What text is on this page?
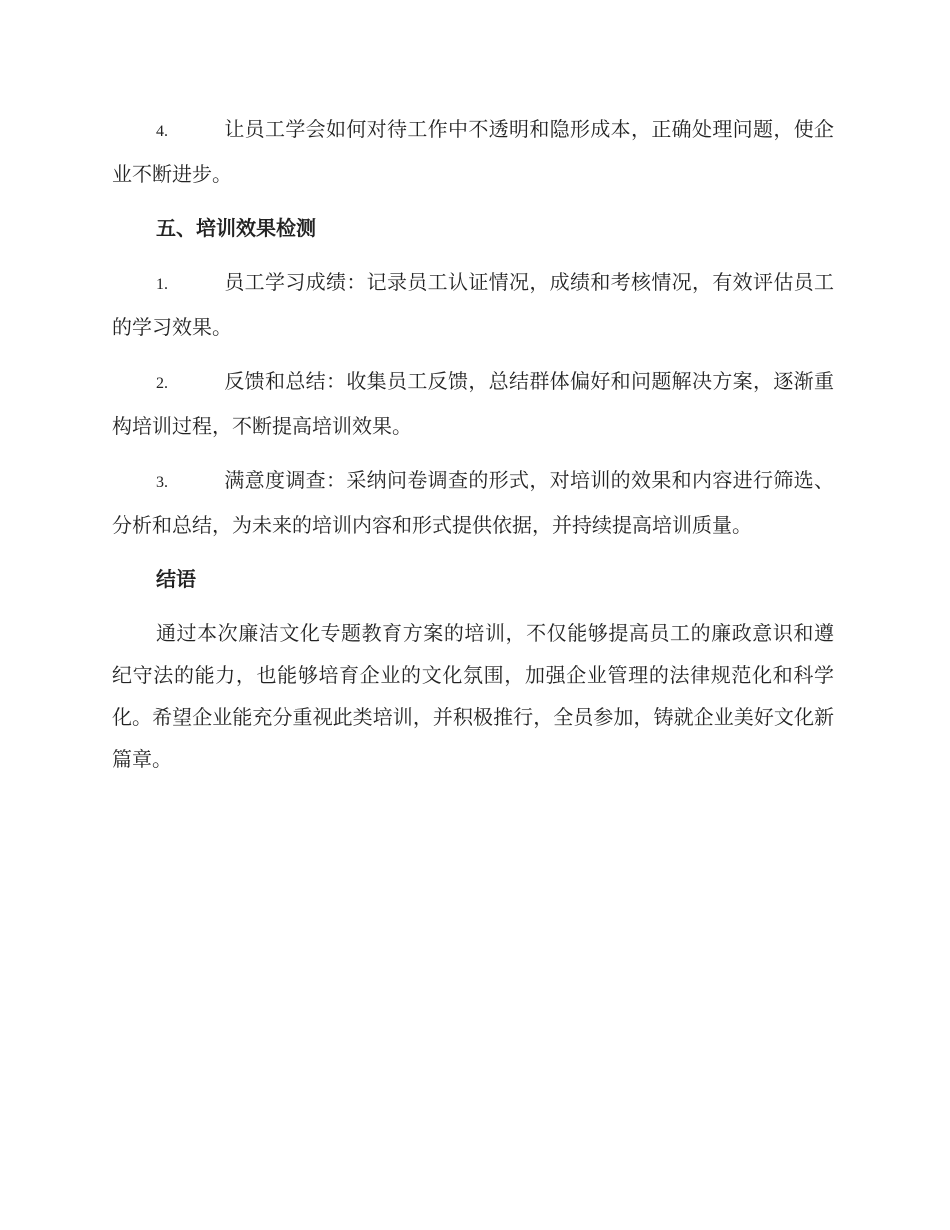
4.	让员工学会如何对待工作中不透明和隐形成本，正确处理问题，使企业不断进步。

五、培训效果检测

1.	员工学习成绩：记录员工认证情况，成绩和考核情况，有效评估员工的学习效果。

2.	反馈和总结：收集员工反馈，总结群体偏好和问题解决方案，逐渐重构培训过程，不断提高培训效果。

3.	满意度调查：采纳问卷调查的形式，对培训的效果和内容进行筛选、分析和总结，为未来的培训内容和形式提供依据，并持续提高培训质量。

结语

通过本次廉洁文化专题教育方案的培训，不仅能够提高员工的廉政意识和遵纪守法的能力，也能够培育企业的文化氛围，加强企业管理的法律规范化和科学化。希望企业能充分重视此类培训，并积极推行，全员参加，铸就企业美好文化新篇章。
